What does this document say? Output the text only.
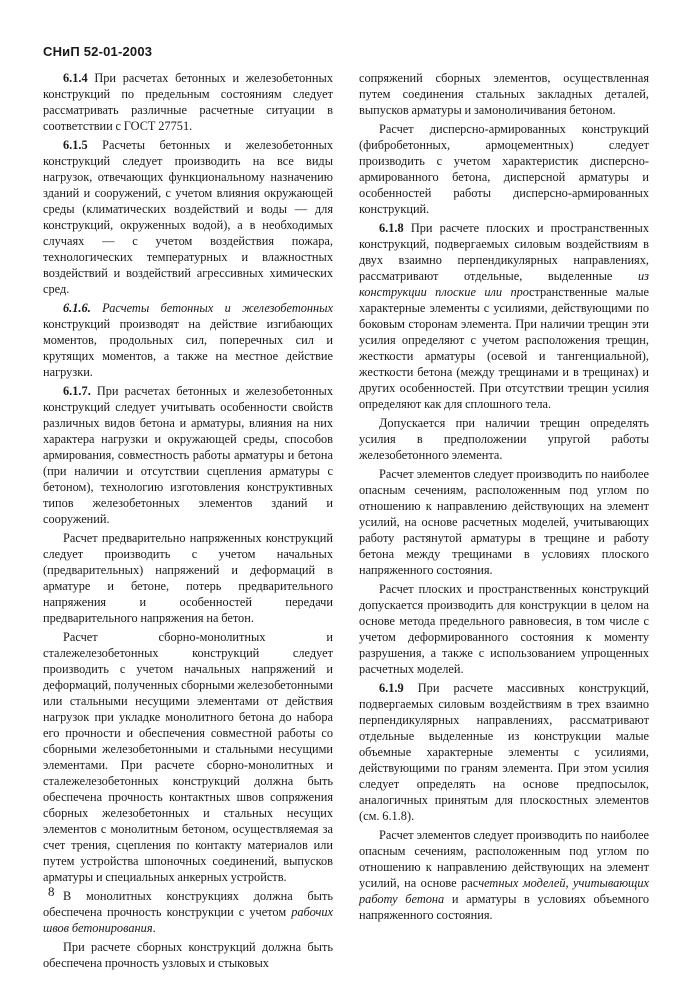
СНиП 52-01-2003

6.1.4 При расчетах бетонных и железобетонных конструкций по предельным состояниям следует рассматривать различные расчетные ситуации в соответствии с ГОСТ 27751.

6.1.5 Расчеты бетонных и железобетонных конструкций следует производить на все виды нагрузок, отвечающих функциональному назначению зданий и сооружений, с учетом влияния окружающей среды (климатических воздействий и воды — для конструкций, окруженных водой), а в необходимых случаях — с учетом воздействия пожара, технологических температурных и влажностных воздействий и воздействий агрессивных химических сред.

6.1.6. Расчеты бетонных и железобетонных конструкций производят на действие изгибающих моментов, продольных сил, поперечных сил и крутящих моментов, а также на местное действие нагрузки.

6.1.7. При расчетах бетонных и железобетонных конструкций следует учитывать особенности свойств различных видов бетона и арматуры, влияния на них характера нагрузки и окружающей среды, способов армирования, совместность работы арматуры и бетона (при наличии и отсутствии сцепления арматуры с бетоном), технологию изготовления конструктивных типов железобетонных элементов зданий и сооружений.

Расчет предварительно напряженных конструкций следует производить с учетом начальных (предварительных) напряжений и деформаций в арматуре и бетоне, потерь предварительного напряжения и особенностей передачи предварительного напряжения на бетон.

Расчет сборно-монолитных и сталежелезобетонных конструкций следует производить с учетом начальных напряжений и деформаций, полученных сборными железобетонными или стальными несущими элементами от действия нагрузок при укладке монолитного бетона до набора его прочности и обеспечения совместной работы со сборными железобетонными и стальными несущими элементами. При расчете сборно-монолитных и сталежелезобетонных конструкций должна быть обеспечена прочность контактных швов сопряжения сборных железобетонных и стальных несущих элементов с монолитным бетоном, осуществляемая за счет трения, сцепления по контакту материалов или путем устройства шпоночных соединений, выпусков арматуры и специальных анкерных устройств.

В монолитных конструкциях должна быть обеспечена прочность конструкции с учетом рабочих швов бетонирования.

При расчете сборных конструкций должна быть обеспечена прочность узловых и стыковых

сопряжений сборных элементов, осуществленная путем соединения стальных закладных деталей, выпусков арматуры и замоноличивания бетоном.

Расчет дисперсно-армированных конструкций (фибробетонных, армоцементных) следует производить с учетом характеристик дисперсно-армированного бетона, дисперсной арматуры и особенностей работы дисперсно-армированных конструкций.

6.1.8 При расчете плоских и пространственных конструкций, подвергаемых силовым воздействиям в двух взаимно перпендикулярных направлениях, рассматривают отдельные, выделенные из конструкции плоские или пространственные малые характерные элементы с усилиями, действующими по боковым сторонам элемента. При наличии трещин эти усилия определяют с учетом расположения трещин, жесткости арматуры (осевой и тангенциальной), жесткости бетона (между трещинами и в трещинах) и других особенностей. При отсутствии трещин усилия определяют как для сплошного тела.

Допускается при наличии трещин определять усилия в предположении упругой работы железобетонного элемента.

Расчет элементов следует производить по наиболее опасным сечениям, расположенным под углом по отношению к направлению действующих на элемент усилий, на основе расчетных моделей, учитывающих работу растянутой арматуры в трещине и работу бетона между трещинами в условиях плоского напряженного состояния.

Расчет плоских и пространственных конструкций допускается производить для конструкции в целом на основе метода предельного равновесия, в том числе с учетом деформированного состояния к моменту разрушения, а также с использованием упрощенных расчетных моделей.

6.1.9 При расчете массивных конструкций, подвергаемых силовым воздействиям в трех взаимно перпендикулярных направлениях, рассматривают отдельные выделенные из конструкции малые объемные характерные элементы с усилиями, действующими по граням элемента. При этом усилия следует определять на основе предпосылок, аналогичных принятым для плоскостных элементов (см. 6.1.8).

Расчет элементов следует производить по наиболее опасным сечениям, расположенным под углом по отношению к направлению действующих на элемент усилий, на основе расчетных моделей, учитывающих работу бетона и арматуры в условиях объемного напряженного состояния.

8
